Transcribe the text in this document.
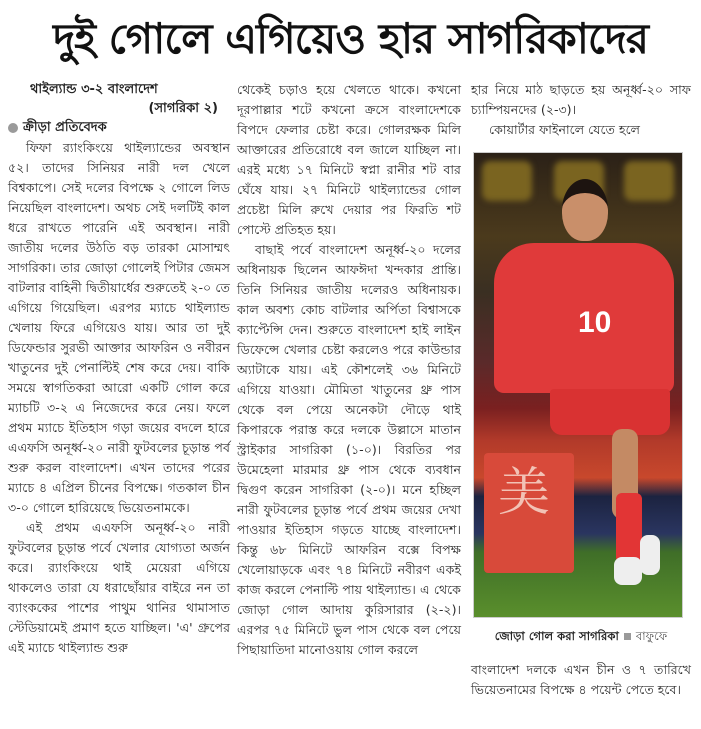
দুই গোলে এগিয়েও হার সাগরিকাদের
থাইল্যান্ড ৩-২ বাংলাদেশ
(সাগরিকা ২)
ক্রীড়া প্রতিবেদক

ফিফা র‍্যাংকিংয়ে থাইল্যান্ডের অবস্থান ৫২। তাদের সিনিয়র নারী দল খেলে বিশ্বকাপে। সেই দলের বিপক্ষে ২ গোলে লিড নিয়েছিল বাংলাদেশ। অথচ সেই দলটিই কাল ধরে রাখতে পারেনি এই অবস্থান। নারী জাতীয় দলের উঠতি বড় তারকা মোসাম্মৎ সাগরিকা। তার জোড়া গোলেই পিটার জেমস বাটলার বাহিনী দ্বিতীয়ার্ধের শুরুতেই ২-০ তে এগিয়ে গিয়েছিল। এরপর ম্যাচে থাইল্যান্ড খেলায় ফিরে এগিয়েও যায়। আর তা দুই ডিফেন্ডার সুরভী আক্তার আফরিন ও নবীরন খাতুনের দুই পেনাল্টিই শেষ করে দেয়। বাকি সময়ে স্বাগতিকরা আরো একটি গোল করে ম্যাচটি ৩-২ এ নিজেদের করে নেয়। ফলে প্রথম ম্যাচে ইতিহাস গড়া জয়ের বদলে হারে এএফসি অনূর্ধ্ব-২০ নারী ফুটবলের চূড়ান্ত পর্ব শুরু করল বাংলাদেশ। এখন তাদের পরের ম্যাচে ৪ এপ্রিল চীনের বিপক্ষে। গতকাল চীন ৩-০ গোলে হারিয়েছে ভিয়েতনামকে।

এই প্রথম এএফসি অনূর্ধ্ব-২০ নারী ফুটবলের চূড়ান্ত পর্বে খেলার যোগ্যতা অর্জন করে। র‍্যাংকিংয়ে থাই মেয়েরা এগিয়ে থাকলেও তারা যে ধরাছোঁয়ার বাইরে নন তা ব্যাংককের পাশের পাথুম থানির থামাসাত স্টেডিয়ামেই প্রমাণ হতে যাচ্ছিল। 'এ' গ্রুপের এই ম্যাচে থাইল্যান্ড শুরু

থেকেই চড়াও হয়ে খেলতে থাকে। কখনো দূরপাল্লার শটে কখনো ক্রসে বাংলাদেশকে বিপদে ফেলার চেষ্টা করে। গোলরক্ষক মিলি আক্তারের প্রতিরোধে বল জালে যাচ্ছিল না। এরই মধ্যে ১৭ মিনিটে স্বপ্না রানীর শট বার ঘেঁষে যায়। ২৭ মিনিটে থাইল্যান্ডের গোল প্রচেষ্টা মিলি রুখে দেয়ার পর ফিরতি শট পোস্টে প্রতিহত হয়।

বাছাই পর্বে বাংলাদেশ অনূর্ধ্ব-২০ দলের অধিনায়ক ছিলেন আফঈদা খন্দকার প্রান্তি। তিনি সিনিয়র জাতীয় দলেরও অধিনায়ক। কাল অবশ্য কোচ বাটলার অর্পিতা বিশ্বাসকে ক্যাপ্টেন্সি দেন। শুরুতে বাংলাদেশ হাই লাইন ডিফেন্সে খেলার চেষ্টা করলেও পরে কাউন্ডার অ্যাটাকে যায়। এই কৌশলেই ৩৬ মিনিটে এগিয়ে যাওয়া। মৌমিতা খাতুনের থ্রু পাস থেকে বল পেয়ে অনেকটা দৌড়ে থাই কিপারকে পরাস্ত করে দলকে উল্লাসে মাতান স্ট্রাইকার সাগরিকা (১-০)। বিরতির পর উমেহেলা মারমার থ্রু পাস থেকে ব্যবধান দ্বিগুণ করেন সাগরিকা (২-০)। মনে হচ্ছিল নারী ফুটবলের চূড়ান্ত পর্বে প্রথম জয়ের দেখা পাওয়ার ইতিহাস গড়তে যাচ্ছে বাংলাদেশ। কিন্তু ৬৮ মিনিটে আফরিন বক্সে বিপক্ষ খেলোয়াড়কে এবং ৭৪ মিনিটে নবীরণ একই কাজ করলে পেনাল্টি পায় থাইল্যান্ড। এ থেকে জোড়া গোল আদায় কুরিসারার (২-২)। এরপর ৭৫ মিনিটে ভুল পাস থেকে বল পেয়ে পিছায়াতিদা মানোওয়ায় গোল করলে

হার নিয়ে মাঠ ছাড়তে হয় অনূর্ধ্ব-২০ সাফ চ্যাম্পিয়নদের (২-৩)।

কোয়ার্টার ফাইনালে যেতে হলে

美
10
জোড়া গোল করা সাগরিকা বাফুফে

বাংলাদেশ দলকে এখন চীন ও ৭ তারিখে ভিয়েতনামের বিপক্ষে ৪ পয়েন্ট পেতে হবে।
